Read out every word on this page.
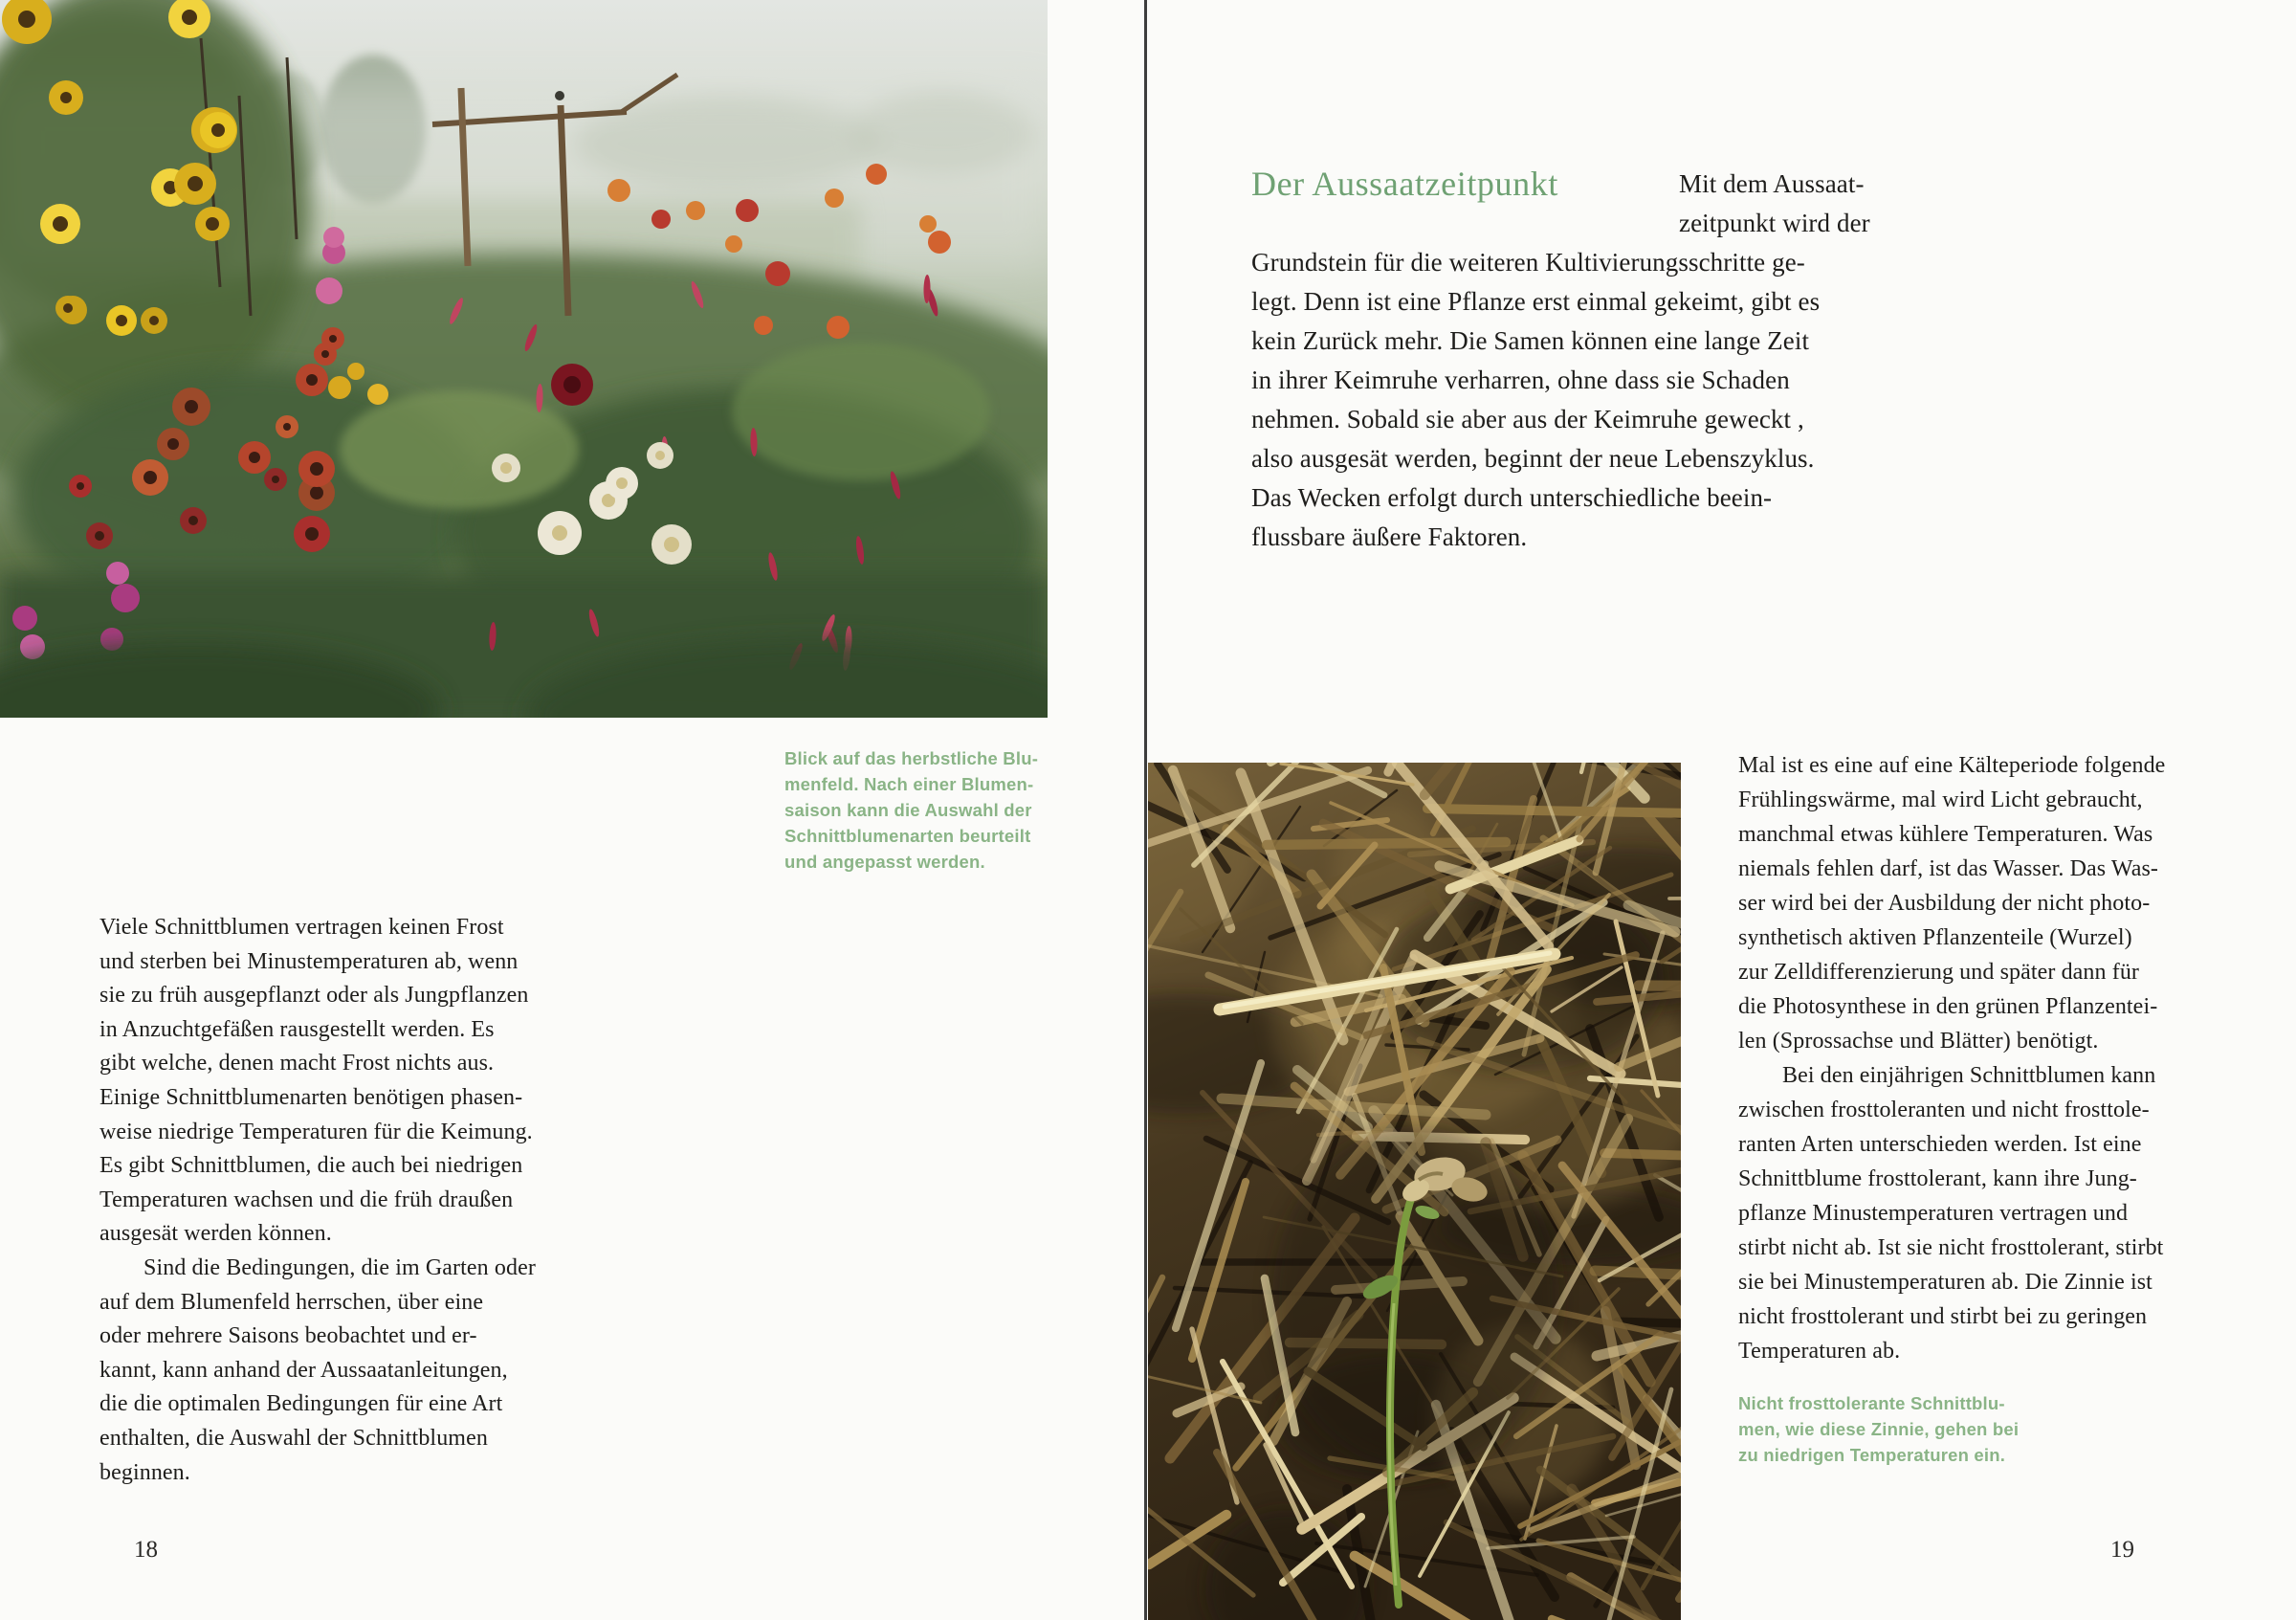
Blick auf das herbstliche Blu-
menfeld. Nach einer Blumen-
saison kann die Auswahl der
Schnittblumenarten beurteilt
und angepasst werden.

Viele Schnittblumen vertragen keinen Frost
und sterben bei Minustemperaturen ab, wenn
sie zu früh ausgepflanzt oder als Jungpflanzen
in Anzuchtgefäßen rausgestellt werden. Es
gibt welche, denen macht Frost nichts aus.
Einige Schnittblumenarten benötigen phasen-
weise niedrige Temperaturen für die Keimung.
Es gibt Schnittblumen, die auch bei niedrigen
Temperaturen wachsen und die früh draußen
ausgesät werden können.

Sind die Bedingungen, die im Garten oder
auf dem Blumenfeld herrschen, über eine
oder mehrere Saisons beobachtet und er-
kannt, kann anhand der Aussaatanleitungen,
die die optimalen Bedingungen für eine Art
enthalten, die Auswahl der Schnittblumen
beginnen.

18
Der Aussaatzeitpunkt	Mit dem Aussaat-
zeitpunkt wird der
Grundstein für die weiteren Kultivierungsschritte ge-
legt. Denn ist eine Pflanze erst einmal gekeimt, gibt es
kein Zurück mehr. Die Samen können eine lange Zeit
in ihrer Keimruhe verharren, ohne dass sie Schaden
nehmen. Sobald sie aber aus der Keimruhe geweckt ,
also ausgesät werden, beginnt der neue Lebenszyklus.
Das Wecken erfolgt durch unterschiedliche beein-
flussbare äußere Faktoren.

Mal ist es eine auf eine Kälteperiode folgende
Frühlingswärme, mal wird Licht gebraucht,
manchmal etwas kühlere Temperaturen. Was
niemals fehlen darf, ist das Wasser. Das Was-
ser wird bei der Ausbildung der nicht photo-
synthetisch aktiven Pflanzenteile (Wurzel)
zur Zelldifferenzierung und später dann für
die Photosynthese in den grünen Pflanzentei-
len (Sprossachse und Blätter) benötigt.

Bei den einjährigen Schnittblumen kann
zwischen frosttoleranten und nicht frosttole-
ranten Arten unterschieden werden. Ist eine
Schnittblume frosttolerant, kann ihre Jung-
pflanze Minustemperaturen vertragen und
stirbt nicht ab. Ist sie nicht frosttolerant, stirbt
sie bei Minustemperaturen ab. Die Zinnie ist
nicht frosttolerant und stirbt bei zu geringen
Temperaturen ab.

Nicht frosttolerante Schnittblu-
men, wie diese Zinnie, gehen bei
zu niedrigen Temperaturen ein.
19
